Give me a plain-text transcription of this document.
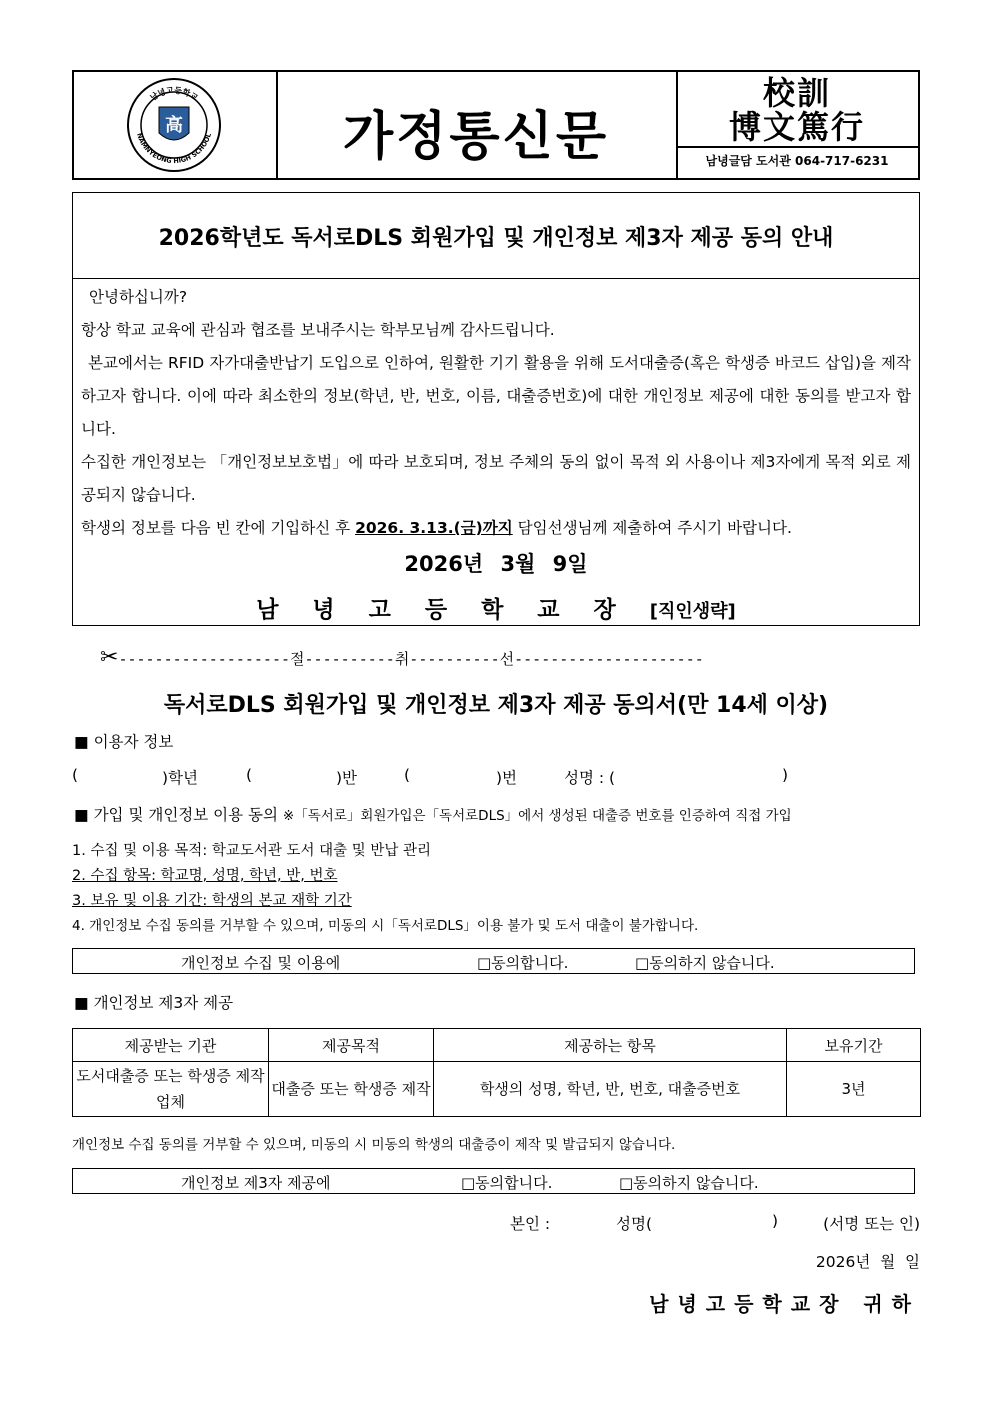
남녕고등학교
NAMNYEONG HIGH SCHOOL
高	가정통신문
校訓
博文篤行
남녕글담 도서관 064-717-6231
2026학년도 독서로DLS 회원가입 및 개인정보 제3자 제공 동의 안내
안녕하십니까?
항상 학교 교육에 관심과 협조를 보내주시는 학부모님께 감사드립니다.
본교에서는 RFID 자가대출반납기 도입으로 인하여, 원활한 기기 활용을 위해 도서대출증(혹은 학생증 바코드 삽입)을 제작하고자 합니다. 이에 따라 최소한의 정보(학년, 반, 번호, 이름, 대출증번호)에 대한 개인정보 제공에 대한 동의를 받고자 합니다.
수집한 개인정보는 「개인정보보호법」에 따라 보호되며, 정보 주체의 동의 없이 목적 외 사용이나 제3자에게 목적 외로 제공되지 않습니다.
학생의 정보를 다음 빈 칸에 기입하신 후 2026. 3.13.(금)까지 담임선생님께 제출하여 주시기 바랍니다.
2026년 3월 9일
남녕고등학교장[직인생략]
✂-------------------절----------취----------선---------------------
독서로DLS 회원가입 및 개인정보 제3자 제공 동의서(만 14세 이상)
■ 이용자 정보
(	)학년	(	)반	(	)번	성명 : (	)
■ 가입 및 개인정보 이용 동의 ※「독서로」회원가입은「독서로DLS」에서 생성된 대출증 번호를 인증하여 직접 가입
1. 수집 및 이용 목적: 학교도서관 도서 대출 및 반납 관리
2. 수집 항목: 학교명, 성명, 학년, 반, 번호
3. 보유 및 이용 기간: 학생의 본교 재학 기간
4. 개인정보 수집 동의를 거부할 수 있으며, 미동의 시「독서로DLS」이용 불가 및 도서 대출이 불가합니다.
개인정보 수집 및 이용에	□동의합니다.	□동의하지 않습니다.
■ 개인정보 제3자 제공
제공받는 기관	제공목적	제공하는 항목	보유기간
도서대출증 또는 학생증 제작 업체	대출증 또는 학생증 제작	학생의 성명, 학년, 반, 번호, 대출증번호	3년
개인정보 수집 동의를 거부할 수 있으며, 미동의 시 미동의 학생의 대출증이 제작 및 발급되지 않습니다.
개인정보 제3자 제공에	□동의합니다.	□동의하지 않습니다.
본인 :	성명(	)	(서명 또는 인)
2026년  월  일
남녕고등학교장 귀하
